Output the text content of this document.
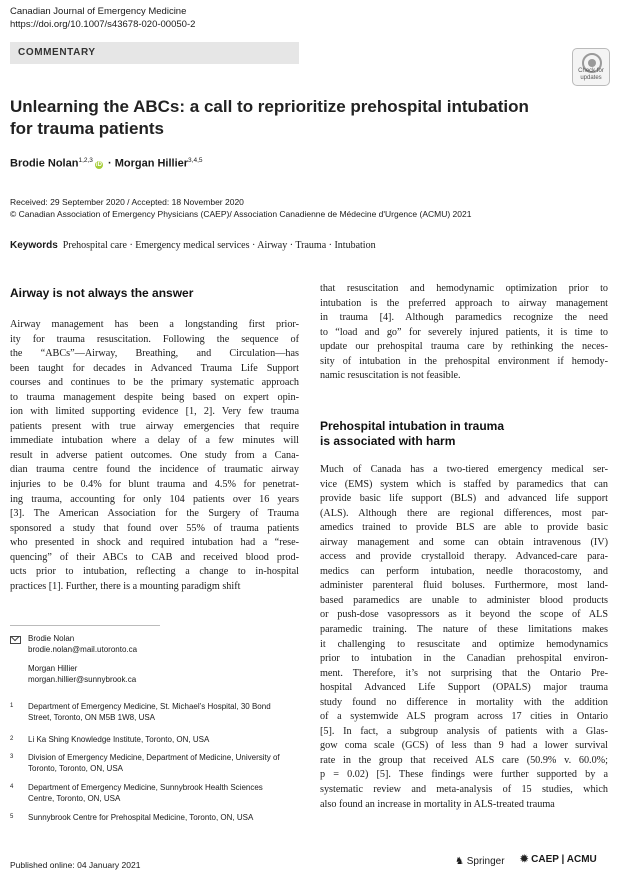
Canadian Journal of Emergency Medicine
https://doi.org/10.1007/s43678-020-00050-2
COMMENTARY
Check for updates
Unlearning the ABCs: a call to reprioritize prehospital intubation for trauma patients
Brodie Nolan$^{1,2,3}$iD · Morgan Hillier$^{3,4,5}$
Received: 29 September 2020 / Accepted: 18 November 2020
© Canadian Association of Emergency Physicians (CAEP)/ Association Canadienne de Médecine d'Urgence (ACMU) 2021
Keywords Prehospital care · Emergency medical services · Airway · Trauma · Intubation
Airway is not always the answer
Airway management has been a longstanding first prior-
ity for trauma resuscitation. Following the sequence of
the “ABCs”—Airway, Breathing, and Circulation—has
been taught for decades in Advanced Trauma Life Support
courses and continues to be the primary systematic approach
to trauma management despite being based on expert opin-
ion with limited supporting evidence [1, 2]. Very few trauma
patients present with true airway emergencies that require
immediate intubation where a delay of a few minutes will
result in adverse patient outcomes. One study from a Cana-
dian trauma centre found the incidence of traumatic airway
injuries to be 0.4% for blunt trauma and 4.5% for penetrat-
ing trauma, accounting for only 104 patients over 16 years
[3]. The American Association for the Surgery of Trauma
sponsored a study that found over 55% of trauma patients
who presented in shock and required intubation had a “rese-
quencing” of their ABCs to CAB and received blood prod-
ucts prior to intubation, reflecting a change to in-hospital
practices [1]. Further, there is a mounting paradigm shift
Brodie Nolan
brodie.nolan@mail.utoronto.ca
Morgan Hillier
morgan.hillier@sunnybrook.ca
1 Department of Emergency Medicine, St. Michael’s Hospital, 30 Bond Street, Toronto, ON M5B 1W8, USA
2 Li Ka Shing Knowledge Institute, Toronto, ON, USA
3 Division of Emergency Medicine, Department of Medicine, University of Toronto, Toronto, ON, USA
4 Department of Emergency Medicine, Sunnybrook Health Sciences Centre, Toronto, ON, USA
5 Sunnybrook Centre for Prehospital Medicine, Toronto, ON, USA
that resuscitation and hemodynamic optimization prior to
intubation is the preferred approach to airway management
in trauma [4]. Although paramedics recognize the need
to “load and go” for severely injured patients, it is time to
update our prehospital trauma care by rethinking the neces-
sity of intubation in the prehospital environment if hemody-
namic resuscitation is not feasible.
Prehospital intubation in trauma
is associated with harm
Much of Canada has a two-tiered emergency medical ser-
vice (EMS) system which is staffed by paramedics that can
provide basic life support (BLS) and advanced life support
(ALS). Although there are regional differences, most par-
amedics trained to provide BLS are able to provide basic
airway management and some can obtain intravenous (IV)
access and provide crystalloid therapy. Advanced-care para-
medics can perform intubation, needle thoracostomy, and
administer parenteral fluid boluses. Furthermore, most land-
based paramedics are unable to administer blood products
or push-dose vasopressors as it beyond the scope of ALS
paramedic training. The nature of these limitations makes
it challenging to resuscitate and optimize hemodynamics
prior to intubation in the Canadian prehospital environ-
ment. Therefore, it’s not surprising that the Ontario Pre-
hospital Advanced Life Support (OPALS) major trauma
study found no difference in mortality with the addition
of a systemwide ALS program across 17 cities in Ontario
[5]. In fact, a subgroup analysis of patients with a Glas-
gow coma scale (GCS) of less than 9 had a lower survival
rate in the group that received ALS care (50.9% v. 60.0%;
p = 0.02) [5]. These findings were further supported by a
systematic review and meta-analysis of 15 studies, which
also found an increase in mortality in ALS-treated trauma
Published online: 04 January 2021	♞ Springer ✹ CAEP | ACMU
